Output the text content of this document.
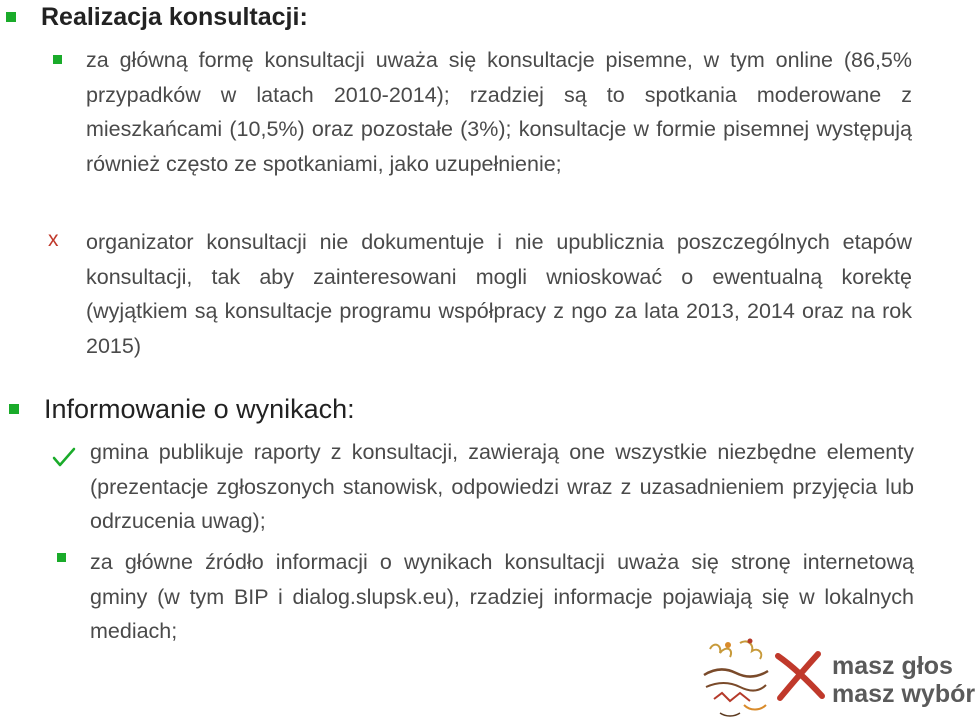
Realizacja konsultacji:
za główną formę konsultacji uważa się konsultacje pisemne, w tym online (86,5% przypadków w latach 2010-2014); rzadziej są to spotkania moderowane z mieszkańcami (10,5%) oraz pozostałe (3%); konsultacje w formie pisemnej występują również często ze spotkaniami, jako uzupełnienie;
x organizator konsultacji nie dokumentuje i nie upublicznia poszczególnych etapów konsultacji, tak aby zainteresowani mogli wnioskować o ewentualną korektę (wyjątkiem są konsultacje programu współpracy z ngo za lata 2013, 2014 oraz na rok 2015)
Informowanie o wynikach:
gmina publikuje raporty z konsultacji, zawierają one wszystkie niezbędne elementy (prezentacje zgłoszonych stanowisk, odpowiedzi wraz z uzasadnieniem przyjęcia lub odrzucenia uwag);
za główne źródło informacji o wynikach konsultacji uważa się stronę internetową gminy (w tym BIP i dialog.slupsk.eu), rzadziej informacje pojawiają się w lokalnych mediach;
masz głos
masz wybór
